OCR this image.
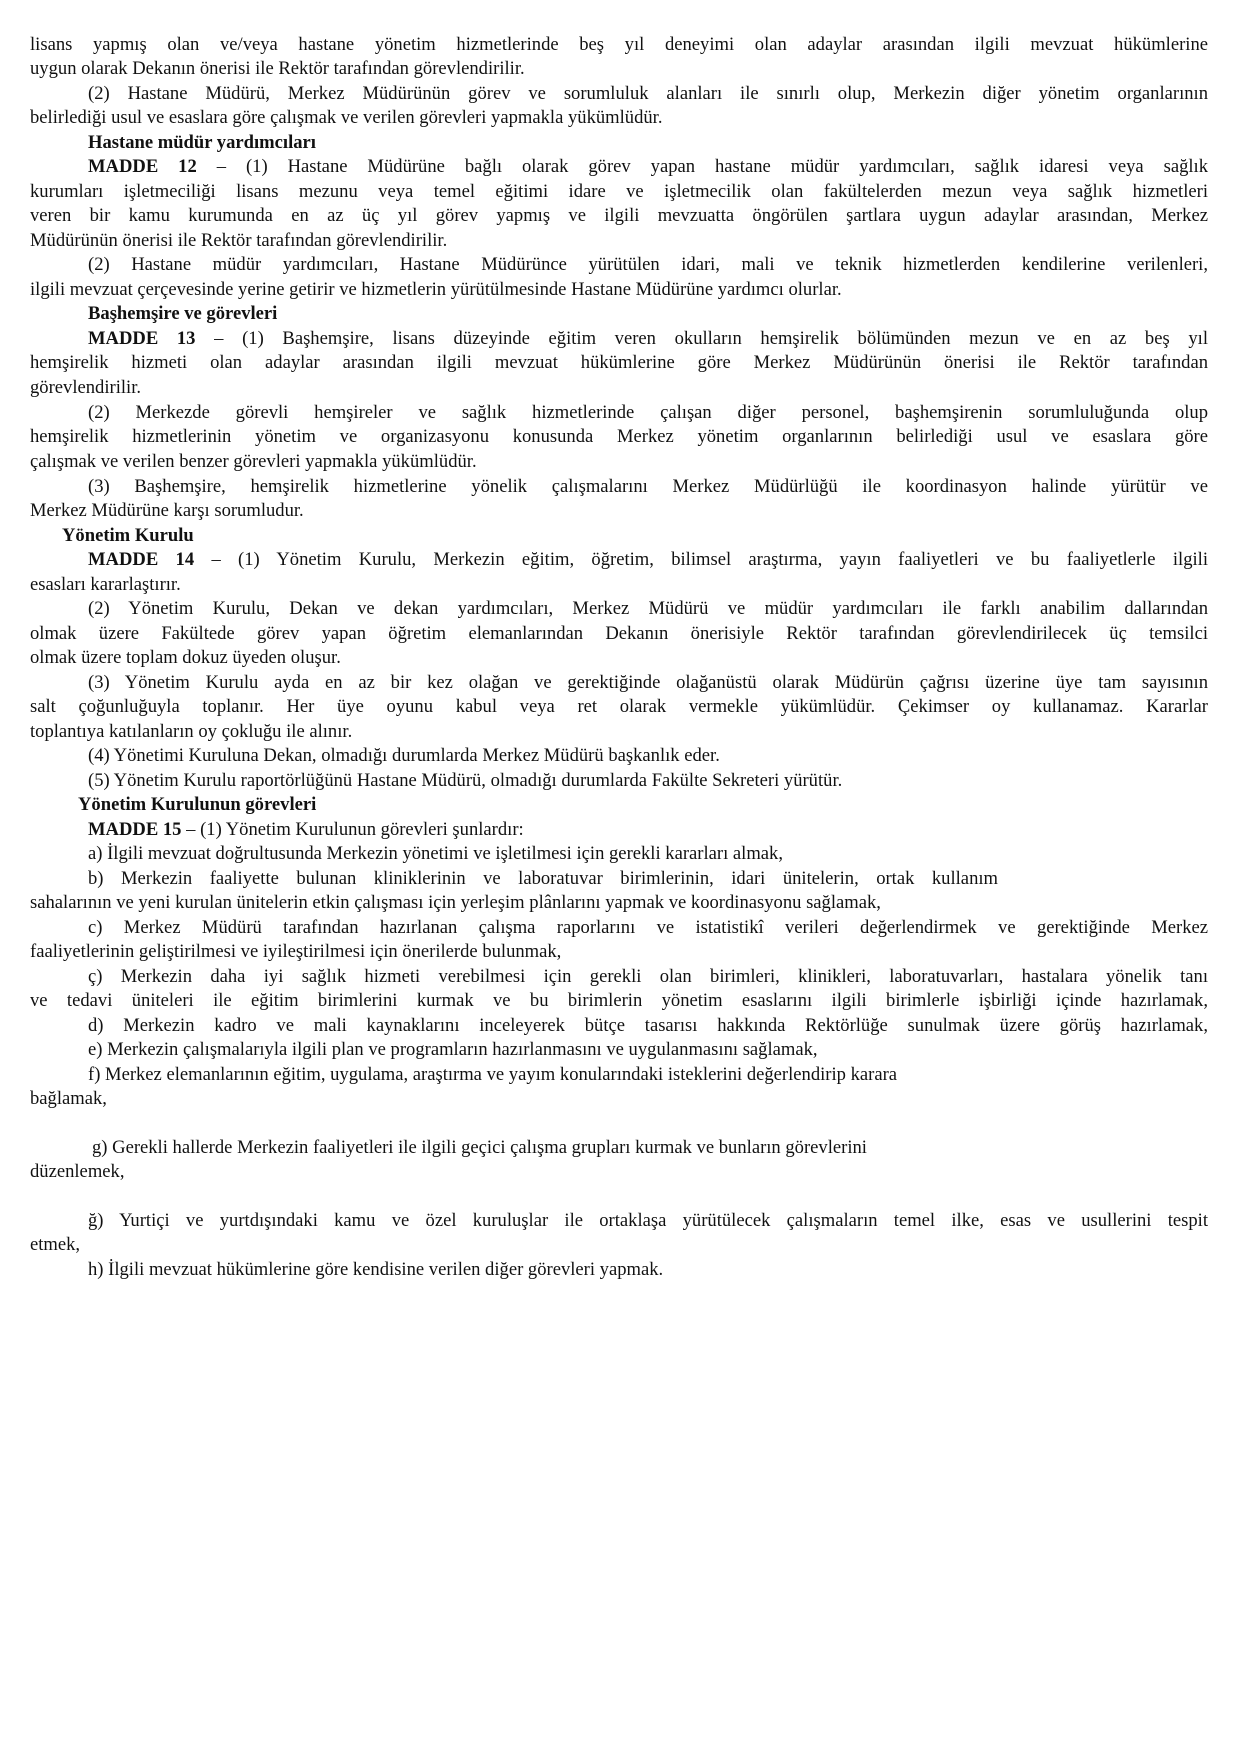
lisans yapmış olan ve/veya hastane yönetim hizmetlerinde beş yıl deneyimi olan adaylar arasından ilgili mevzuat hükümlerine
uygun olarak Dekanın önerisi ile Rektör tarafından görevlendirilir.
(2) Hastane Müdürü, Merkez Müdürünün görev ve sorumluluk alanları ile sınırlı olup, Merkezin diğer yönetim organlarının
belirlediği usul ve esaslara göre çalışmak ve verilen görevleri yapmakla yükümlüdür.
Hastane müdür yardımcıları
MADDE 12 – (1) Hastane Müdürüne bağlı olarak görev yapan hastane müdür yardımcıları, sağlık idaresi veya sağlık
kurumları işletmeciliği lisans mezunu veya temel eğitimi idare ve işletmecilik olan fakültelerden mezun veya sağlık hizmetleri
veren bir kamu kurumunda en az üç yıl görev yapmış ve ilgili mevzuatta öngörülen şartlara uygun adaylar arasından, Merkez
Müdürünün önerisi ile Rektör tarafından görevlendirilir.
(2) Hastane müdür yardımcıları, Hastane Müdürünce yürütülen idari, mali ve teknik hizmetlerden kendilerine verilenleri,
ilgili mevzuat çerçevesinde yerine getirir ve hizmetlerin yürütülmesinde Hastane Müdürüne yardımcı olurlar.
Başhemşire ve görevleri
MADDE 13 – (1) Başhemşire, lisans düzeyinde eğitim veren okulların hemşirelik bölümünden mezun ve en az beş yıl
hemşirelik hizmeti olan adaylar arasından ilgili mevzuat hükümlerine göre Merkez Müdürünün önerisi ile Rektör tarafından
görevlendirilir.
(2) Merkezde görevli hemşireler ve sağlık hizmetlerinde çalışan diğer personel, başhemşirenin sorumluluğunda olup
hemşirelik hizmetlerinin yönetim ve organizasyonu konusunda Merkez yönetim organlarının belirlediği usul ve esaslara göre
çalışmak ve verilen benzer görevleri yapmakla yükümlüdür.
(3) Başhemşire, hemşirelik hizmetlerine yönelik çalışmalarını Merkez Müdürlüğü ile koordinasyon halinde yürütür ve
Merkez Müdürüne karşı sorumludur.
Yönetim Kurulu
MADDE 14 – (1) Yönetim Kurulu, Merkezin eğitim, öğretim, bilimsel araştırma, yayın faaliyetleri ve bu faaliyetlerle ilgili
esasları kararlaştırır.
(2) Yönetim Kurulu, Dekan ve dekan yardımcıları, Merkez Müdürü ve müdür yardımcıları ile farklı anabilim dallarından
olmak üzere Fakültede görev yapan öğretim elemanlarından Dekanın önerisiyle Rektör tarafından görevlendirilecek üç temsilci
olmak üzere toplam dokuz üyeden oluşur.
(3) Yönetim Kurulu ayda en az bir kez olağan ve gerektiğinde olağanüstü olarak Müdürün çağrısı üzerine üye tam sayısının
salt çoğunluğuyla toplanır. Her üye oyunu kabul veya ret olarak vermekle yükümlüdür. Çekimser oy kullanamaz. Kararlar
toplantıya katılanların oy çokluğu ile alınır.
(4) Yönetimi Kuruluna Dekan, olmadığı durumlarda Merkez Müdürü başkanlık eder.
(5) Yönetim Kurulu raportörlüğünü Hastane Müdürü, olmadığı durumlarda Fakülte Sekreteri yürütür.
Yönetim Kurulunun görevleri
MADDE 15 – (1) Yönetim Kurulunun görevleri şunlardır:
a) İlgili mevzuat doğrultusunda Merkezin yönetimi ve işletilmesi için gerekli kararları almak,
b) Merkezin faaliyette bulunan kliniklerinin ve laboratuvar birimlerinin, idari ünitelerin, ortak kullanım
sahalarının ve yeni kurulan ünitelerin etkin çalışması için yerleşim plânlarını yapmak ve koordinasyonu sağlamak,
c) Merkez Müdürü tarafından hazırlanan çalışma raporlarını ve istatistikî verileri değerlendirmek ve gerektiğinde Merkez
faaliyetlerinin geliştirilmesi ve iyileştirilmesi için önerilerde bulunmak,
ç) Merkezin daha iyi sağlık hizmeti verebilmesi için gerekli olan birimleri, klinikleri, laboratuvarları, hastalara yönelik tanı
ve tedavi üniteleri ile eğitim birimlerini kurmak ve bu birimlerin yönetim esaslarını ilgili birimlerle işbirliği içinde hazırlamak,
d) Merkezin kadro ve mali kaynaklarını inceleyerek bütçe tasarısı hakkında Rektörlüğe sunulmak üzere görüş hazırlamak,
e) Merkezin çalışmalarıyla ilgili plan ve programların hazırlanmasını ve uygulanmasını sağlamak,
f) Merkez elemanlarının eğitim, uygulama, araştırma ve yayım konularındaki isteklerini değerlendirip karara
bağlamak,
g) Gerekli hallerde Merkezin faaliyetleri ile ilgili geçici çalışma grupları kurmak ve bunların görevlerini
düzenlemek,
ğ) Yurtiçi ve yurtdışındaki kamu ve özel kuruluşlar ile ortaklaşa yürütülecek çalışmaların temel ilke, esas ve usullerini tespit
etmek,
h) İlgili mevzuat hükümlerine göre kendisine verilen diğer görevleri yapmak.
